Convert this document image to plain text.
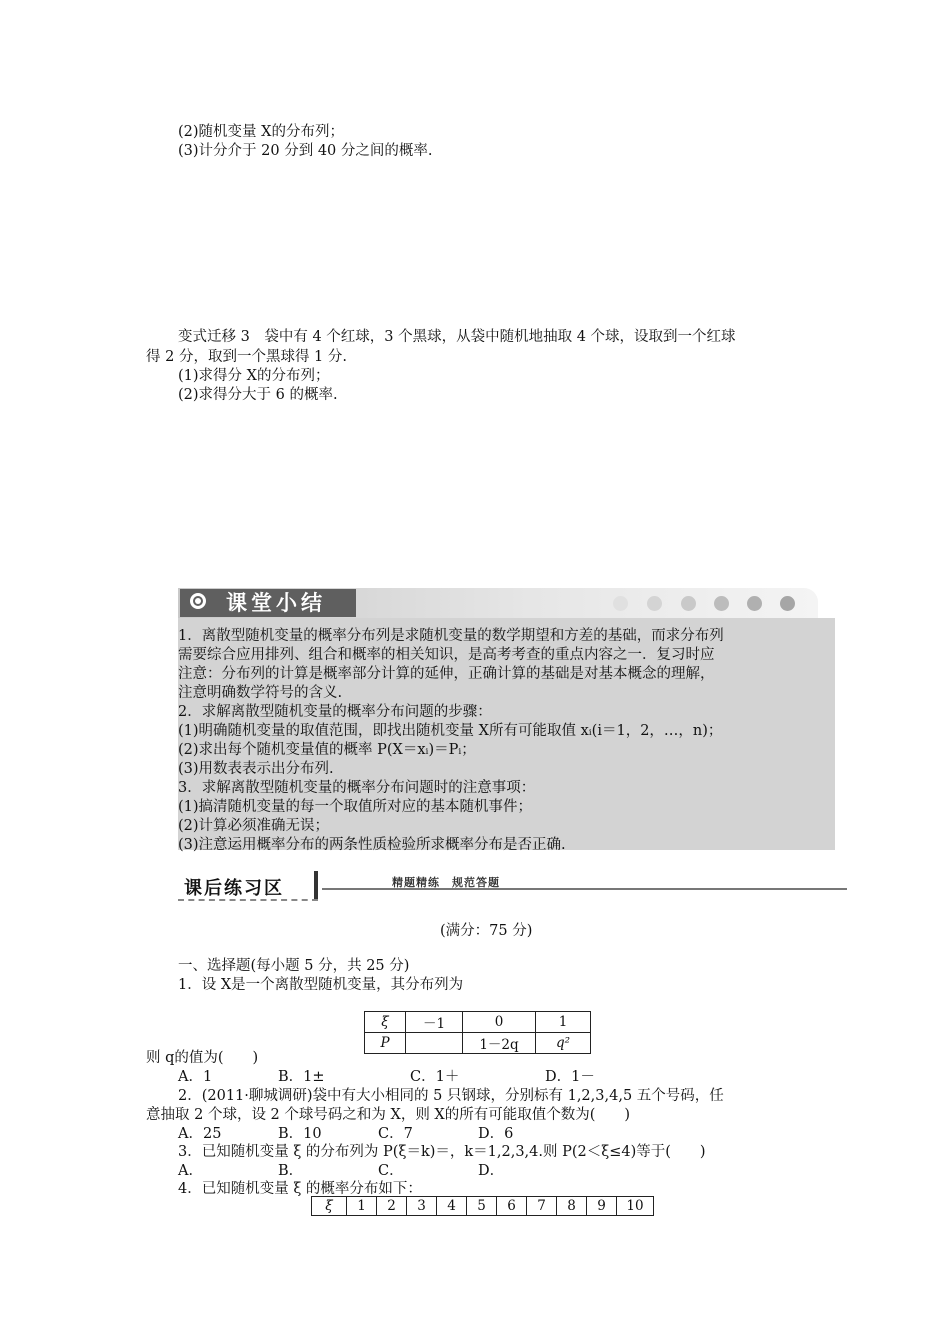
(2)随机变量 X的分布列；
(3)计分介于 20 分到 40 分之间的概率.
变式迁移 3　袋中有 4 个红球，3 个黑球，从袋中随机地抽取 4 个球，设取到一个红球
得 2 分，取到一个黑球得 1 分.
(1)求得分 X的分布列；
(2)求得分大于 6 的概率.
课堂小结
1．离散型随机变量的概率分布列是求随机变量的数学期望和方差的基础，而求分布列
需要综合应用排列、组合和概率的相关知识，是高考考查的重点内容之一．复习时应
注意：分布列的计算是概率部分计算的延伸，正确计算的基础是对基本概念的理解，
注意明确数学符号的含义.
2．求解离散型随机变量的概率分布问题的步骤：
(1)明确随机变量的取值范围，即找出随机变量 X所有可能取值 xᵢ(i＝1，2，…，n)；
(2)求出每个随机变量值的概率 P(X＝xᵢ)＝Pᵢ；
(3)用数表表示出分布列.
3．求解离散型随机变量的概率分布问题时的注意事项：
(1)搞清随机变量的每一个取值所对应的基本随机事件；
(2)计算必须准确无误；
(3)注意运用概率分布的两条性质检验所求概率分布是否正确.
课后练习区	精题精练　规范答题
(满分：75 分)
一、选择题(每小题 5 分，共 25 分)
1．设 X是一个离散型随机变量，其分布列为
ξ	－1	0	1
P		1－2q	q²
则 q的值为(　　)
A．1	B．1±	C．1＋	D．1－
2．(2011·聊城调研)袋中有大小相同的 5 只钢球，分别标有 1,2,3,4,5 五个号码，任
意抽取 2 个球，设 2 个球号码之和为 X，则 X的所有可能取值个数为(　　)
A．25	B．10	C．7	D．6
3．已知随机变量 ξ 的分布列为 P(ξ＝k)＝，k＝1,2,3,4.则 P(2＜ξ≤4)等于(　　)
A．	B．	C．	D．
4．已知随机变量 ξ 的概率分布如下：
ξ	1	2	3	4	5	6	7	8	9	10
